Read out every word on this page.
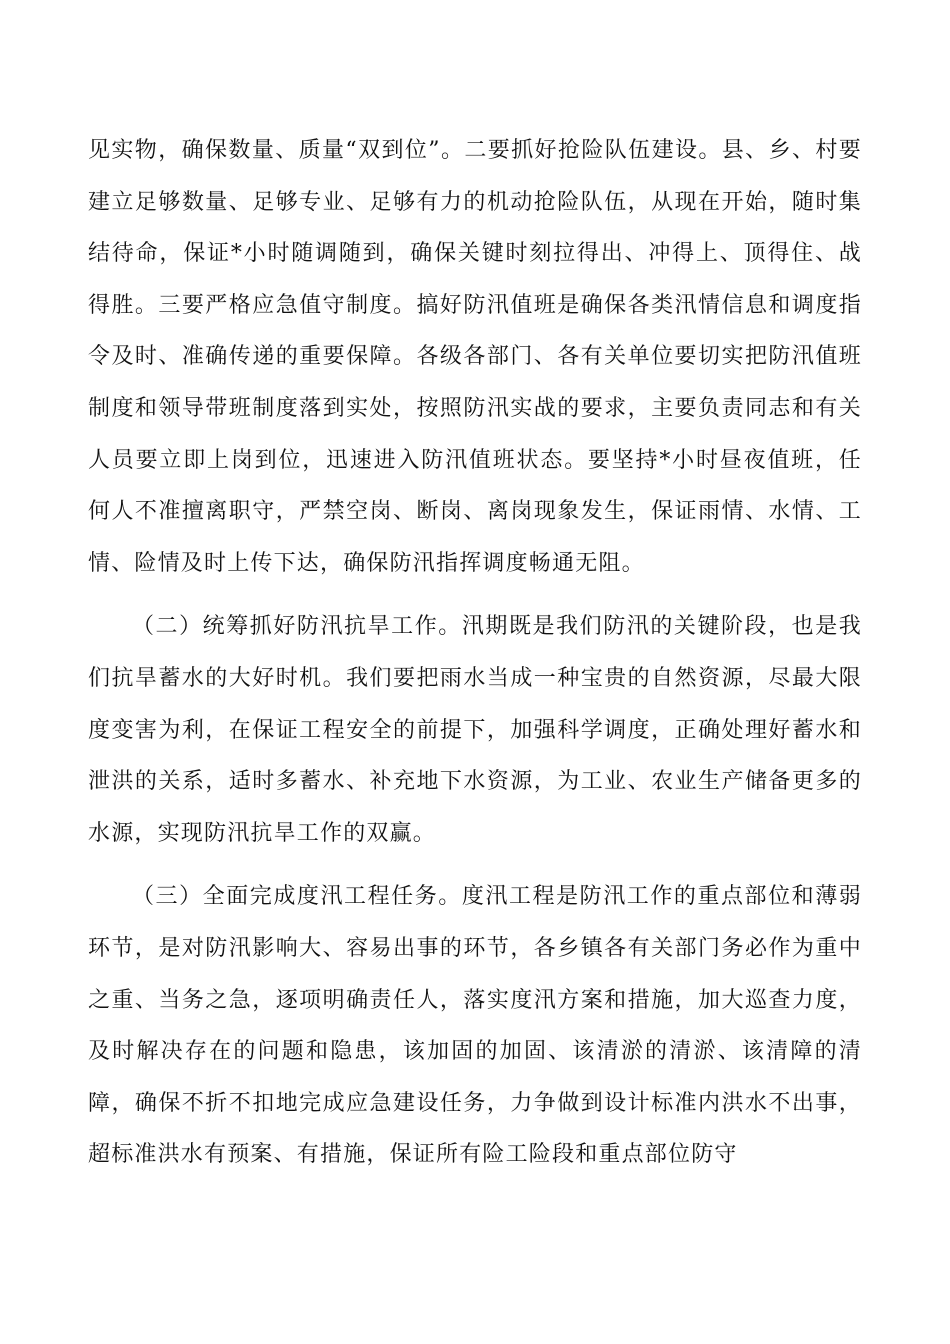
见实物，确保数量、质量“双到位”。二要抓好抢险队伍建设。县、乡、村要建立足够数量、足够专业、足够有力的机动抢险队伍，从现在开始，随时集结待命，保证*小时随调随到，确保关键时刻拉得出、冲得上、顶得住、战得胜。三要严格应急值守制度。搞好防汛值班是确保各类汛情信息和调度指令及时、准确传递的重要保障。各级各部门、各有关单位要切实把防汛值班制度和领导带班制度落到实处，按照防汛实战的要求，主要负责同志和有关人员要立即上岗到位，迅速进入防汛值班状态。要坚持*小时昼夜值班，任何人不准擅离职守，严禁空岗、断岗、离岗现象发生，保证雨情、水情、工情、险情及时上传下达，确保防汛指挥调度畅通无阻。

（二）统筹抓好防汛抗旱工作。汛期既是我们防汛的关键阶段，也是我们抗旱蓄水的大好时机。我们要把雨水当成一种宝贵的自然资源，尽最大限度变害为利，在保证工程安全的前提下，加强科学调度，正确处理好蓄水和泄洪的关系，适时多蓄水、补充地下水资源，为工业、农业生产储备更多的水源，实现防汛抗旱工作的双赢。

（三）全面完成度汛工程任务。度汛工程是防汛工作的重点部位和薄弱环节，是对防汛影响大、容易出事的环节，各乡镇各有关部门务必作为重中之重、当务之急，逐项明确责任人，落实度汛方案和措施，加大巡查力度，及时解决存在的问题和隐患，该加固的加固、该清淤的清淤、该清障的清障，确保不折不扣地完成应急建设任务，力争做到设计标准内洪水不出事，超标准洪水有预案、有措施，保证所有险工险段和重点部位防守
